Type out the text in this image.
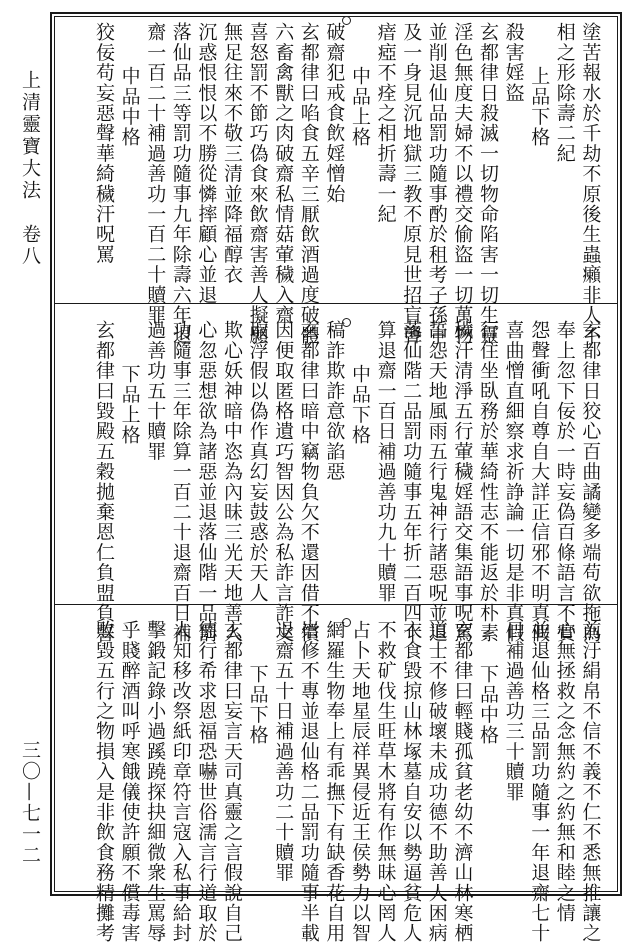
上清靈寶大法　卷八
三〇—七一二
塗苦報水於千劫不原後生蟲癩非人不
相之形除壽二紀
上品下格
殺害婬盜
玄都律日殺滅一切物命陷害一切生靈
淫色無度夫婦不以禮交偷盜一切萬物
並削退仙品罰功隨事酌於租考子孫中
及一身見沉地獄三教不原見世招盲聾
瘖瘂不痊之相折壽一紀
中品上格
破齋犯戒食飲婬憎始
玄都律曰啗食五辛三厭飲酒過度破體
六畜禽獸之肉破齋私情菇葷穢入齋
喜怒罰不節巧偽食來飲齋害善人擬願
無足往來不敬三清並降福醇衣
沉惑恨恨以不勝從憐摔顧心並退
落仙品三等罰功隨事九年除壽六年退
齋一百二十補過善功一百二十贖罪
中品中格
狡佞苟妄惡聲華綺穢汗呪罵
玄都律日狡心百曲譎變多端苟欲拖為
奉上忽下佞於一時妄偽百條語言不實
怨聲衝吼自尊自大詳正信邪不明真假
喜曲憎直細察求祈諍論一切是非真假
行住坐臥務於華綺性志不能返於朴素
穢汗清淨五行葷穢婬語交集語事呪罵
誓怨天地風雨五行鬼神行諸惡呪並退
落仙階二品罰功隨事五年折二百四十
算退齋一百日補過善功九十贖罪
中品下格
稿詐欺詐意欲諂惡
玄都律曰暗中竊物負欠不還因借不償
因便取匿格遺巧智因公為私詐言詐文
取浮假以偽作真幻妄鼓惑於天人
欺心妖神暗中恣為內昧三光天地善人
心忽惡想欲為諸惡並退落仙階一品罰
功隨事三年除算一百二十退齋百日補
過善功五十贖罪
下品上格
玄都律曰毀殿五穀拋棄恩仁負盟負誓
前汙絹帛不信不義不仁不悉無推讓之
心無拯救之念無約之約無和睦之情
並退仙格三品罰功隨事一年退齋七十
日補過善功三十贖罪
下品中格
玄都律曰輕賤孤貧老幼不濟山林寒栖
道士不修破壞未成功德不助善人困病
衣食毀掠山林塚墓自安以勢逼貧危人
不救矿伐生旺草木將有作無昧心罔人
占卜天地星辰祥異侵近王侯勢力以智
網羅生物奉上有乖撫下有缺香花自用
崇修不專並退仙格二品罰功隨事半載
退齋五十日補過善功二十贖罪
下品下格
玄都律曰妄言天司真靈之言假說自己
德行希求恩福恐嚇世俗濡言行道取於
人知移改祭紙印章符言寇入私事給封
擊鍛記錄小過蹊蹺探抉細微衆生罵辱
乎賤醉酒叫呼寒餓儀使許願不償毒害
敗毀五行之物損入是非飲食務精攤考
